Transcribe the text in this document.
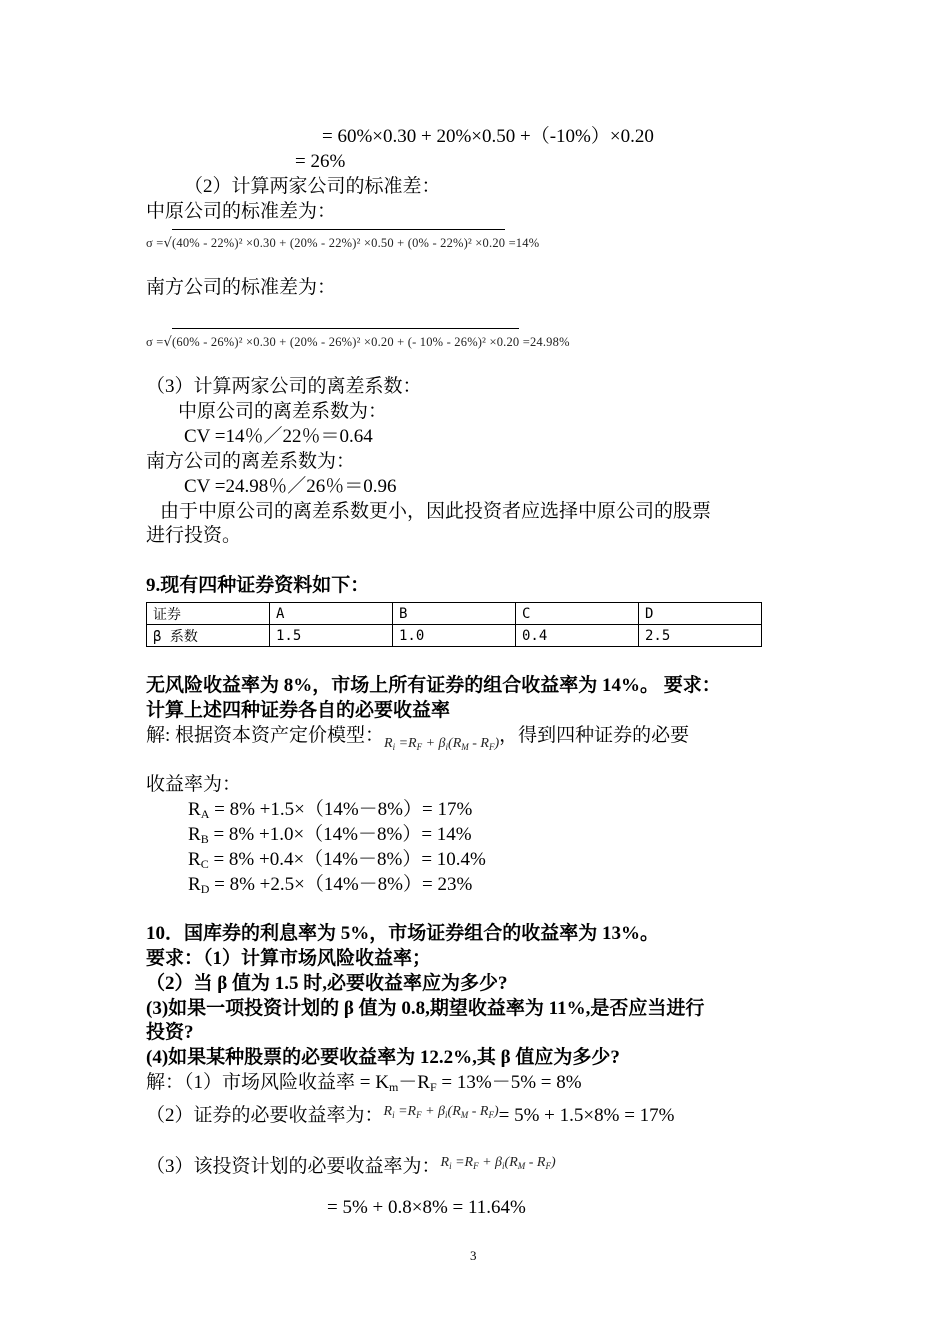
= 60%×0.30 + 20%×0.50 +（-10%）×0.20
= 26%
（2）计算两家公司的标准差：
中原公司的标准差为：
σ =√(40% - 22%)² ×0.30 + (20% - 22%)² ×0.50 + (0% - 22%)² ×0.20 =14%
南方公司的标准差为：
σ =√(60% - 26%)² ×0.30 + (20% - 26%)² ×0.20 + (- 10% - 26%)² ×0.20 =24.98%
（3）计算两家公司的离差系数：
中原公司的离差系数为：
CV =14％／22％＝0.64
南方公司的离差系数为：
CV =24.98％／26％＝0.96
由于中原公司的离差系数更小，因此投资者应选择中原公司的股票
进行投资。
9.现有四种证券资料如下：
证券	A	B	C	D
β 系数	1.5	1.0	0.4	2.5
无风险收益率为 8%，市场上所有证券的组合收益率为 14%。 要求：
计算上述四种证券各自的必要收益率
解: 根据资本资产定价模型：$_{R_i =R_F + \beta_i(R_M - R_F)}$，得到四种证券的必要
收益率为：
$R_A = 8\% +1.5\times(14\%-8\%)= 17\%$
$R_B = 8\% +1.0\times(14\%-8\%)= 14\%$
$R_C = 8\% +0.4\times(14\%-8\%)= 10.4\%$
$R_D = 8\% +2.5\times(14\%-8\%)= 23\%$
10．国库券的利息率为 5%，市场证券组合的收益率为 13%。
要求：（1）计算市场风险收益率；
（2）当 β 值为 1.5 时,必要收益率应为多少?
(3)如果一项投资计划的 β 值为 0.8,期望收益率为 11%,是否应当进行
投资?
(4)如果某种股票的必要收益率为 12.2%,其 β 值应为多少?
解：（1）市场风险收益率 = $K_m-R_F = 13\%-5\% = 8\%$
（2）证券的必要收益率为：$^{R_i =R_F + \beta_i(R_M - R_F)}$= 5% + 1.5×8% = 17%
（3）该投资计划的必要收益率为：$^{R_i =R_F + \beta_i(R_M - R_F)}$
= 5% + 0.8×8% = 11.64%
3
